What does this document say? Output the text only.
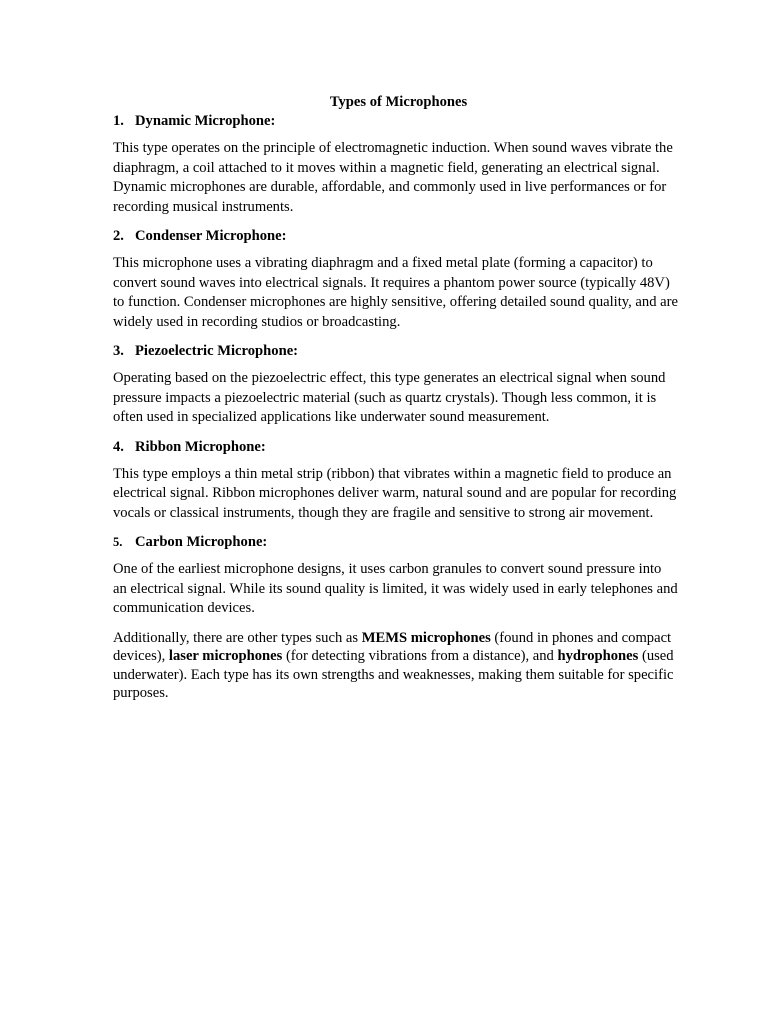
Types of Microphones
1. Dynamic Microphone:

This type operates on the principle of electromagnetic induction. When sound waves vibrate the diaphragm, a coil attached to it moves within a magnetic field, generating an electrical signal. Dynamic microphones are durable, affordable, and commonly used in live performances or for recording musical instruments.

2. Condenser Microphone:

This microphone uses a vibrating diaphragm and a fixed metal plate (forming a capacitor) to convert sound waves into electrical signals. It requires a phantom power source (typically 48V) to function. Condenser microphones are highly sensitive, offering detailed sound quality, and are widely used in recording studios or broadcasting.

3. Piezoelectric Microphone:

Operating based on the piezoelectric effect, this type generates an electrical signal when sound pressure impacts a piezoelectric material (such as quartz crystals). Though less common, it is often used in specialized applications like underwater sound measurement.

4. Ribbon Microphone:

This type employs a thin metal strip (ribbon) that vibrates within a magnetic field to produce an electrical signal. Ribbon microphones deliver warm, natural sound and are popular for recording vocals or classical instruments, though they are fragile and sensitive to strong air movement.

5. Carbon Microphone:

One of the earliest microphone designs, it uses carbon granules to convert sound pressure into an electrical signal. While its sound quality is limited, it was widely used in early telephones and communication devices.

Additionally, there are other types such as MEMS microphones (found in phones and compact devices), laser microphones (for detecting vibrations from a distance), and hydrophones (used underwater). Each type has its own strengths and weaknesses, making them suitable for specific purposes.
